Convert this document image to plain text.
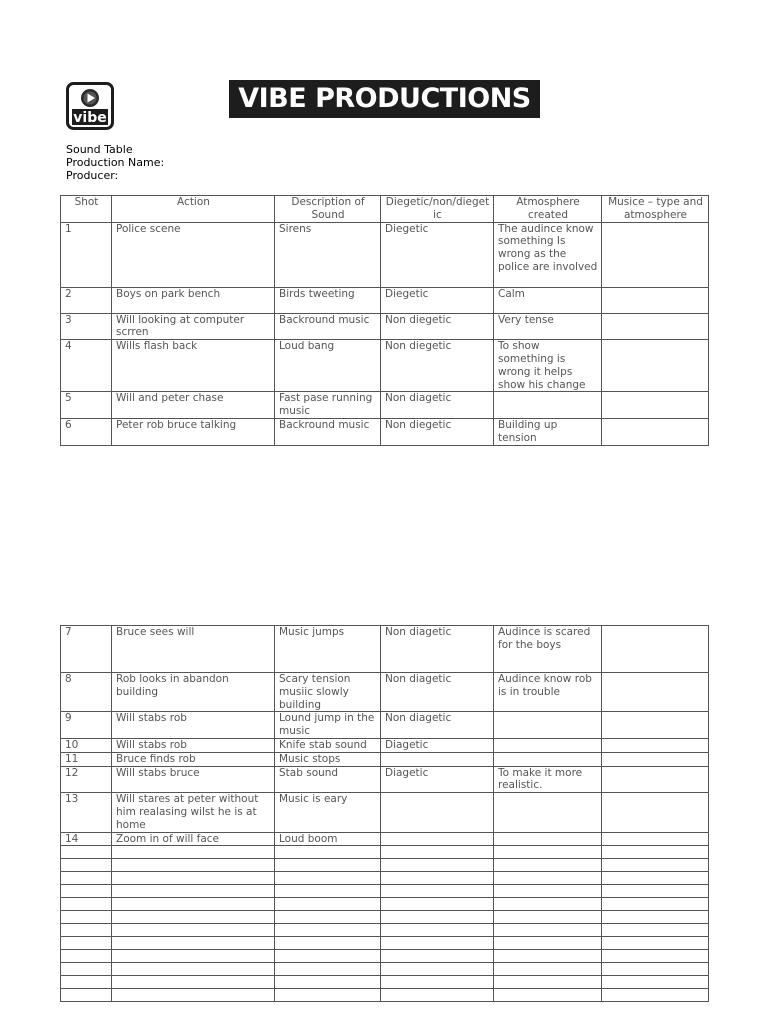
vibe
VIBE PRODUCTIONS
Sound Table
Production Name:
Producer:
Shot	Action	Description of Sound	Diegetic/non/diegetic	Atmosphere created	Musice – type and atmosphere
1	Police scene	Sirens	Diegetic	The audince know something Is wrong as the police are involved	
2	Boys on park bench	Birds tweeting	Diegetic	Calm	
3	Will looking at computer scrren	Backround music	Non diegetic	Very tense	
4	Wills flash back	Loud bang	Non diegetic	To show something is wrong it helps show his change	
5	Will and peter chase	Fast pase running music	Non diagetic		
6	Peter rob bruce talking	Backround music	Non diegetic	Building up tension	
7	Bruce sees will	Music jumps	Non diagetic	Audince is scared for the boys	
8	Rob looks in abandon building	Scary tension musiic slowly building	Non diagetic	Audince know rob is in trouble	
9	Will stabs rob	Lound jump in the music	Non diagetic		
10	Will stabs rob	Knife stab sound	Diagetic		
11	Bruce finds rob	Music stops			
12	Will stabs bruce	Stab sound	Diagetic	To make it more realistic.	
13	Will stares at peter without him realasing wilst he is at home	Music is eary			
14	Zoom in of will face	Loud boom			
